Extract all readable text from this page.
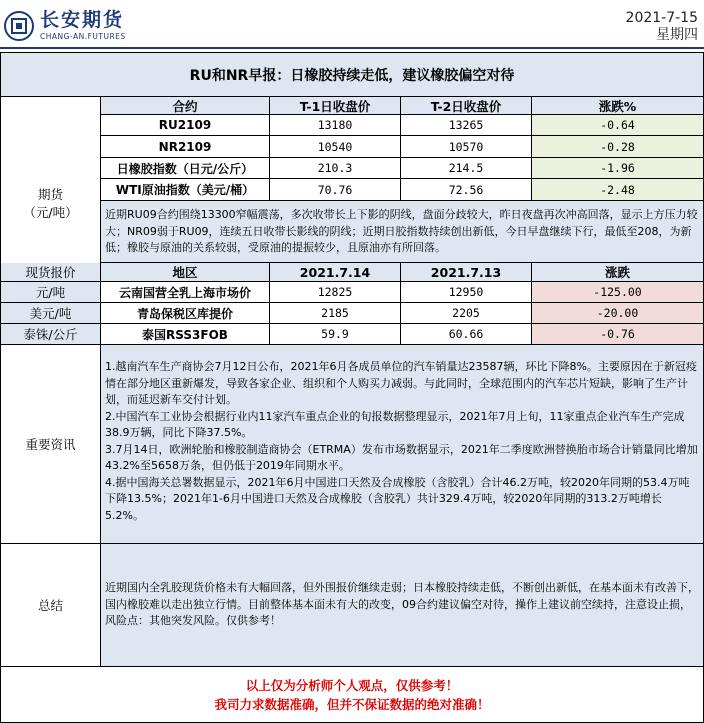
长安期货
CHANG-AN.FUTURES
2021-7-15
星期四
RU和NR早报：日橡胶持续走低，建议橡胶偏空对待
期货
（元/吨）
合约	T-1日收盘价	T-2日收盘价	涨跌%
RU2109	13180	13265	-0.64
NR2109	10540	10570	-0.28
日橡胶指数（日元/公斤）	210.3	214.5	-1.96
WTI原油指数（美元/桶）	70.76	72.56	-2.48
近期RU09合约围绕13300窄幅震荡，多次收带长上下影的阴线，盘面分歧较大，昨日夜盘再次冲高回落，显示上方压力较大；NR09弱于RU09，连续五日收带长影线的阴线；近期日胶指数持续创出新低，今日早盘继续下行，最低至208，为新低；橡胶与原油的关系较弱，受原油的提振较少，且原油亦有所回落。
现货报价	地区	2021.7.14	2021.7.13	涨跌
元/吨	云南国营全乳上海市场价	12825	12950	-125.00
美元/吨	青岛保税区库提价	2185	2205	-20.00
泰铢/公斤	泰国RSS3FOB	59.9	60.66	-0.76
重要资讯

1.越南汽车生产商协会7月12日公布，2021年6月各成员单位的汽车销量达23587辆，环比下降8%。主要原因在于新冠疫情在部分地区重新爆发，导致各家企业、组织和个人购买力减弱。与此同时，全球范围内的汽车芯片短缺，影响了生产计划，而延迟新车交付计划。

2.中国汽车工业协会根据行业内11家汽车重点企业的旬报数据整理显示，2021年7月上旬，11家重点企业汽车生产完成38.9万辆，同比下降37.5%。

3.7月14日，欧洲轮胎和橡胶制造商协会（ETRMA）发布市场数据显示，2021年二季度欧洲替换胎市场合计销量同比增加43.2%至5658万条，但仍低于2019年同期水平。

4.据中国海关总署数据显示，2021年6月中国进口天然及合成橡胶（含胶乳）合计46.2万吨，较2020年同期的53.4万吨下降13.5%；2021年1-6月中国进口天然及合成橡胶（含胶乳）共计329.4万吨，较2020年同期的313.2万吨增长5.2%。

总结

近期国内全乳胶现货价格未有大幅回落，但外围报价继续走弱；日本橡胶持续走低，不断创出新低，在基本面未有改善下，国内橡胶难以走出独立行情。目前整体基本面未有大的改变，09合约建议偏空对待，操作上建议前空续持，注意设止损，风险点：其他突发风险。仅供参考！

以上仅为分析师个人观点，仅供参考！
我司力求数据准确，但并不保证数据的绝对准确！
